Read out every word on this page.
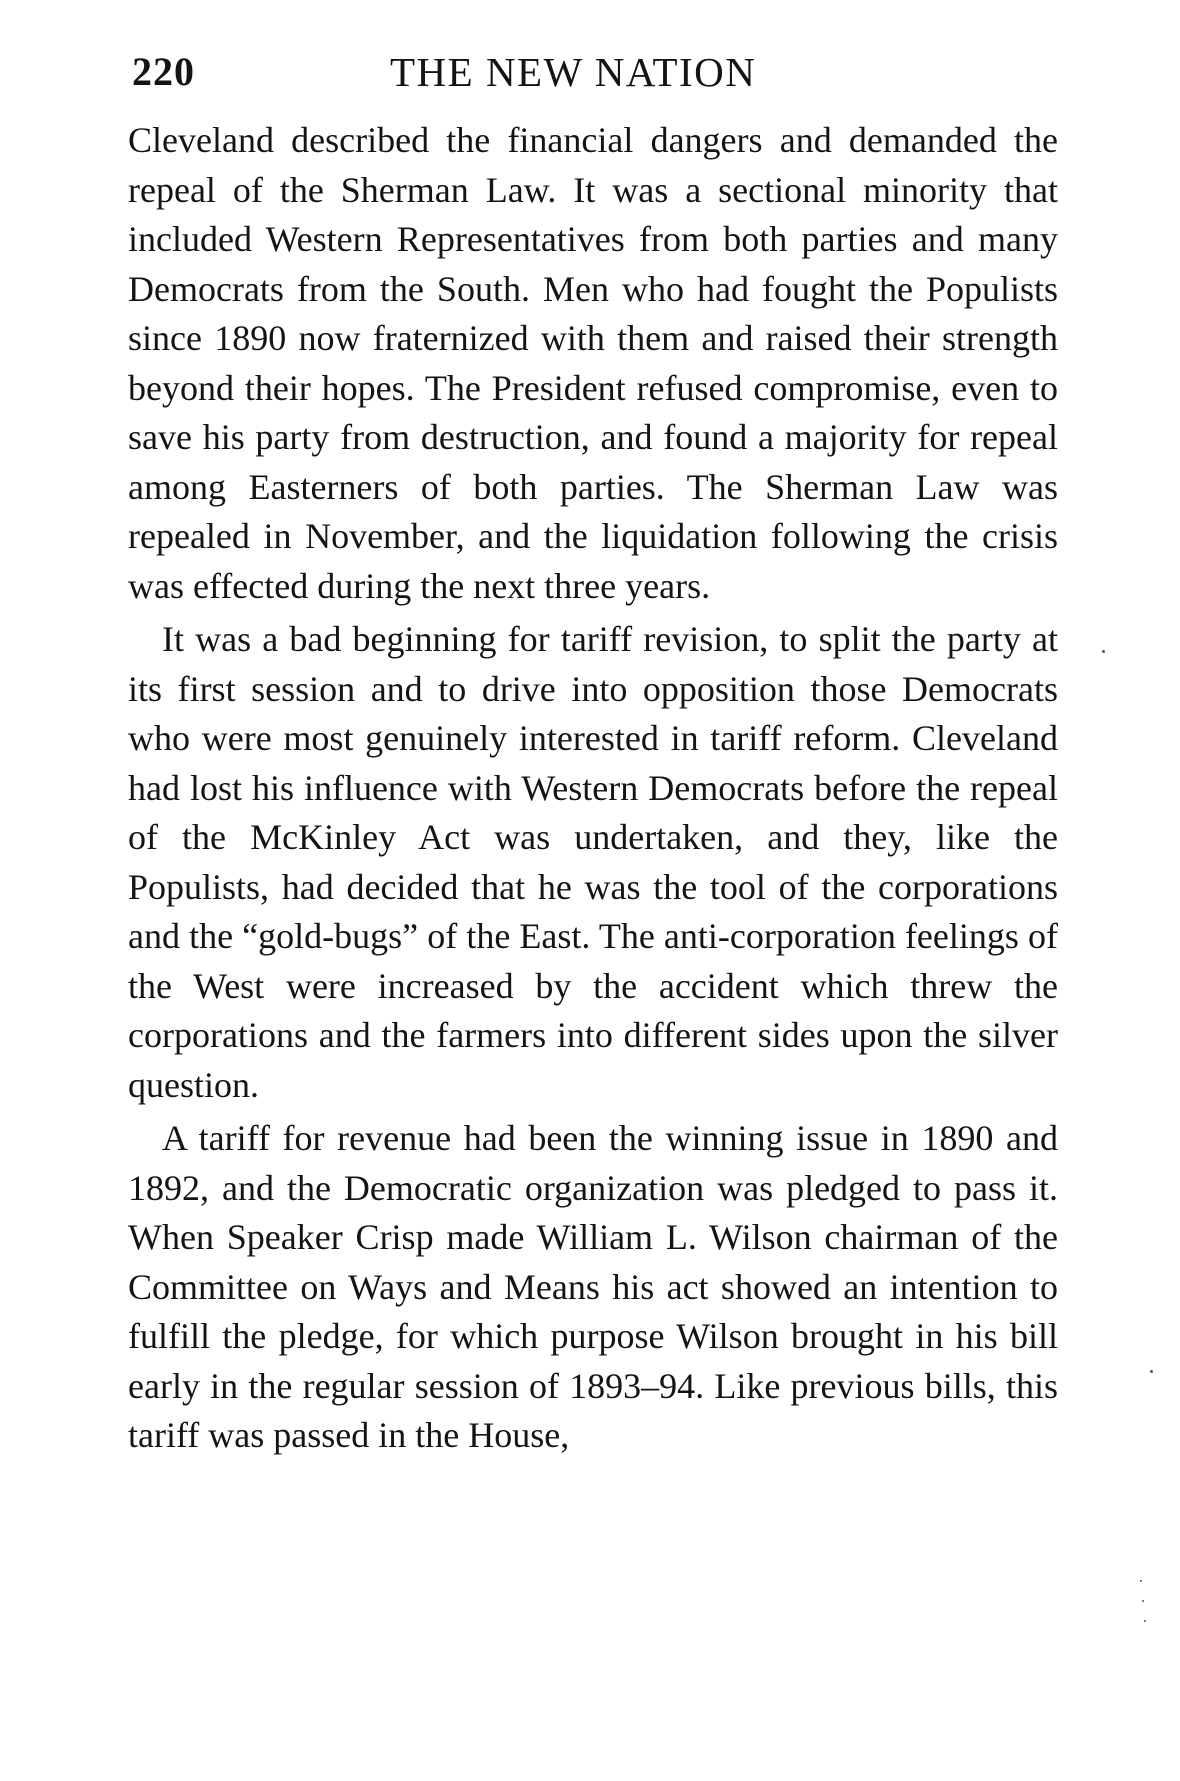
220	THE NEW NATION

Cleveland described the financial dangers and demanded the repeal of the Sherman Law. It was a sectional minority that included Western Representatives from both parties and many Democrats from the South. Men who had fought the Populists since 1890 now fraternized with them and raised their strength beyond their hopes. The President refused compromise, even to save his party from destruction, and found a majority for repeal among Easterners of both parties. The Sherman Law was repealed in November, and the liquidation following the crisis was effected during the next three years.

It was a bad beginning for tariff revision, to split the party at its first session and to drive into opposition those Democrats who were most genuinely interested in tariff reform. Cleveland had lost his influence with Western Democrats before the repeal of the McKinley Act was undertaken, and they, like the Populists, had decided that he was the tool of the corporations and the “gold-bugs” of the East. The anti-corporation feelings of the West were increased by the accident which threw the corporations and the farmers into different sides upon the silver question.

A tariff for revenue had been the winning issue in 1890 and 1892, and the Democratic organization was pledged to pass it. When Speaker Crisp made William L. Wilson chairman of the Committee on Ways and Means his act showed an intention to fulfill the pledge, for which purpose Wilson brought in his bill early in the regular session of 1893–94. Like previous bills, this tariff was passed in the House,
